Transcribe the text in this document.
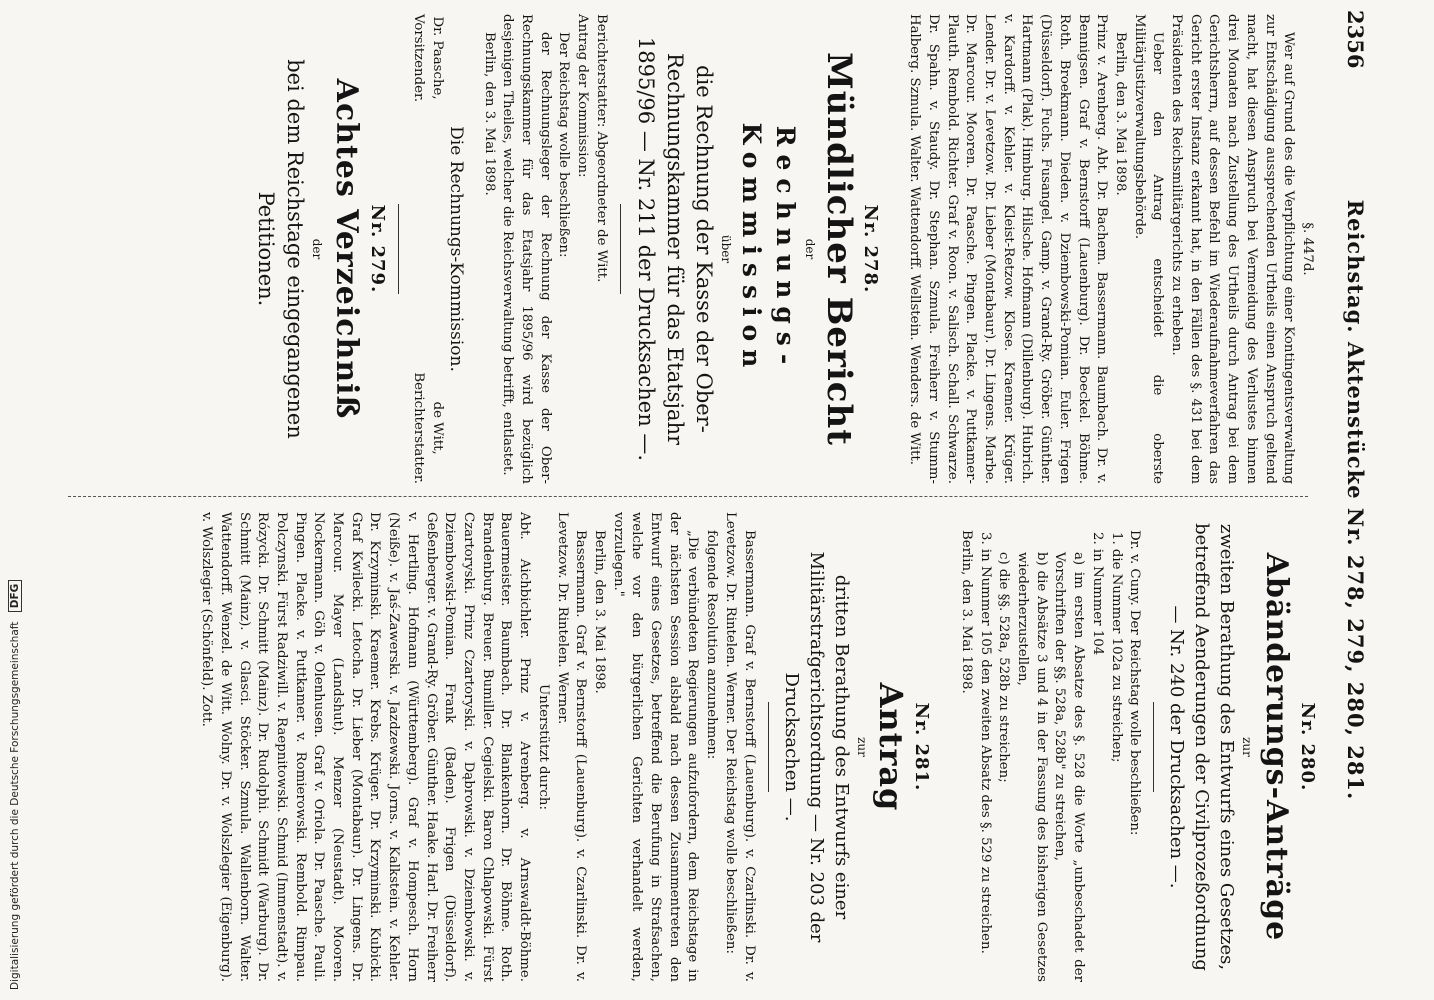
2356
Reichstag. Aktenstücke Nr. 278, 279, 280, 281.

§. 447d.

Wer auf Grund des die Verpflichtung einer Kontingentsverwaltung zur Entschädigung aussprechenden Urtheils einen Anspruch geltend macht, hat diesen Anspruch bei Vermeidung des Verlustes binnen drei Monaten nach Zustellung des Urtheils durch Antrag bei dem Gerichtsherrn, auf dessen Befehl im Wiederaufnahmeverfahren das Gericht erster Instanz erkannt hat, in den Fällen des §. 431 bei dem Präsidenten des Reichsmilitärgerichts zu erheben.

Ueber den Antrag entscheidet die oberste Militärjustizverwaltungsbehörde.

Berlin, den 3. Mai 1898.

Prinz v. Arenberg. Abt. Dr. Bachem. Bassermann. Baumbach. Dr. v. Bennigsen. Graf v. Bernstorff (Lauenburg). Dr. Boeckel. Böhme. Roth. Broekmann. Dieden. v. Dziembowski-Pomian. Euler. Frigen (Düsseldorf). Fuchs. Fusangel. Gamp. v. Grand-Ry. Gröber. Günther. Hartmann (Plak). Himburg. Hilsche. Hofmann (Dillenburg). Hubrich. v. Kardorff. v. Kehler. v. Kleist-Retzow. Klose. Kraemer. Krüger. Lender. Dr. v. Levetzow. Dr. Lieber (Montabaur). Dr. Lingens. Marbe. Dr. Marcour. Mooren. Dr. Paasche. Pingen. Placke. v. Puttkamer-Plauth. Rembold. Richter. Graf v. Roon. v. Salisch. Schall. Schwarze. Dr. Spahn. v. Staudy. Dr. Stephan. Szmula. Freiherr v. Stumm-Halberg. Szmula. Walter. Wattendorff. Wellstein. Wenders. de Witt.

Nr. 278.
Mündlicher Bericht
der
Rechnungs-Kommission
über

die Rechnung der Kasse der Ober-Rechnungskammer für das Etatsjahr 1895/96 — Nr. 211 der Drucksachen —.

Berichterstatter: Abgeordneter de Witt.

Antrag der Kommission:

Der Reichstag wolle beschließen:

der Rechnungsleger der Rechnung der Kasse der Ober-Rechnungskammer für das Etatsjahr 1895/96 wird bezüglich desjenigen Theiles, welcher die Reichsverwaltung betrifft, entlastet.

Berlin, den 3. Mai 1898.

Die Rechnungs-Kommission.

Dr. Paasche,
Vorsitzender.
de Witt,
Berichterstatter.
Nr. 279.
Achtes Verzeichniß
der

bei dem Reichstage eingegangenen Petitionen.

Nr. 280.
Abänderungs-Anträge
zur

zweiten Berathung des Entwurfs eines Gesetzes, betreffend Aenderungen der Civilprozeßordnung — Nr. 240 der Drucksachen —.

Dr. v. Cuny. Der Reichstag wolle beschließen:

1. die Nummer 102a zu streichen;

2. in Nummer 104

a) im ersten Absatze des §. 528 die Worte „unbeschadet der Vorschriften der §§. 528a, 528b" zu streichen,

b) die Absätze 3 und 4 in der Fassung des bisherigen Gesetzes wiederherzustellen,

c) die §§. 528a, 528b zu streichen;

3. in Nummer 105 den zweiten Absatz des §. 529 zu streichen.

Berlin, den 3. Mai 1898.

Nr. 281.
Antrag
zur

dritten Berathung des Entwurfs einer Militärstrafgerichtsordnung — Nr. 203 der Drucksachen —.

Bassermann. Graf v. Bernstorff (Lauenburg). v. Czarlinski. Dr. v. Levetzow. Dr. Rintelen. Werner. Der Reichstag wolle beschließen:

folgende Resolution anzunehmen:

„Die verbündeten Regierungen aufzufordern, dem Reichstage in der nächsten Session alsbald nach dessen Zusammentreten den Entwurf eines Gesetzes, betreffend die Berufung in Strafsachen, welche vor den bürgerlichen Gerichten verhandelt werden, vorzulegen."

Berlin, den 3. Mai 1898.

Bassermann. Graf v. Bernstorff (Lauenburg). v. Czarlinski. Dr. v. Levetzow. Dr. Rintelen. Werner.

Unterstützt durch:

Abt. Aichbichler. Prinz v. Arenberg. v. Arnswaldt-Böhme. Bauermeister. Baumbach. Dr. Blankenhorn. Dr. Böhme. Roth. Brandenburg. Breuer. Bumiller. Cegielski. Baron Chlapowski. Fürst Czartoryski. Prinz Czartoryski. v. Dąbrowski. v. Dziembowski. v. Dziembowski-Pomian. Frank (Baden). Frigen (Düsseldorf). Geßenberger. v. Grand-Ry. Gröber. Günther. Haake. Harl. Dr. Freiherr v. Hertling. Hofmann (Württemberg). Graf v. Hompesch. Horn (Neiße). v. Jaś-Zawerski. v. Jazdzewski. Jorns. v. Kalkstein. v. Kehler. Dr. Krzyminski. Kraemer. Krebs. Krüger. Dr. Krzyminski. Kubicki. Graf Kwilecki. Letocha. Dr. Lieber (Montabaur). Dr. Lingens. Dr. Marcour. Mayer (Landshut). Menzer (Neustadt). Mooren. Nockermann. Göh v. Olenhusen. Graf v. Oriola. Dr. Paasche. Pauli. Pingen. Placke. v. Puttkamer. v. Romierowski. Rembold. Rimpau. Polczynski. Fürst Radziwill. v. Raepnitowski. Schmid (Immenstadt). v. Rózycki. Dr. Schmitt (Mainz). Dr. Rudolphi. Schmidt (Warburg). Dr. Schmitt (Mainz). v. Glasci. Stöcker. Szmula. Wallenborn. Walter. Wattendorff. Wenzel. de Witt. Wolny. Dr. v. Wolszlegier (Eigenburg). v. Wolszlegier (Schönfeld). Zott.

Digitalisierung gefördert durch die Deutsche Forschungsgemeinschaft DFG
